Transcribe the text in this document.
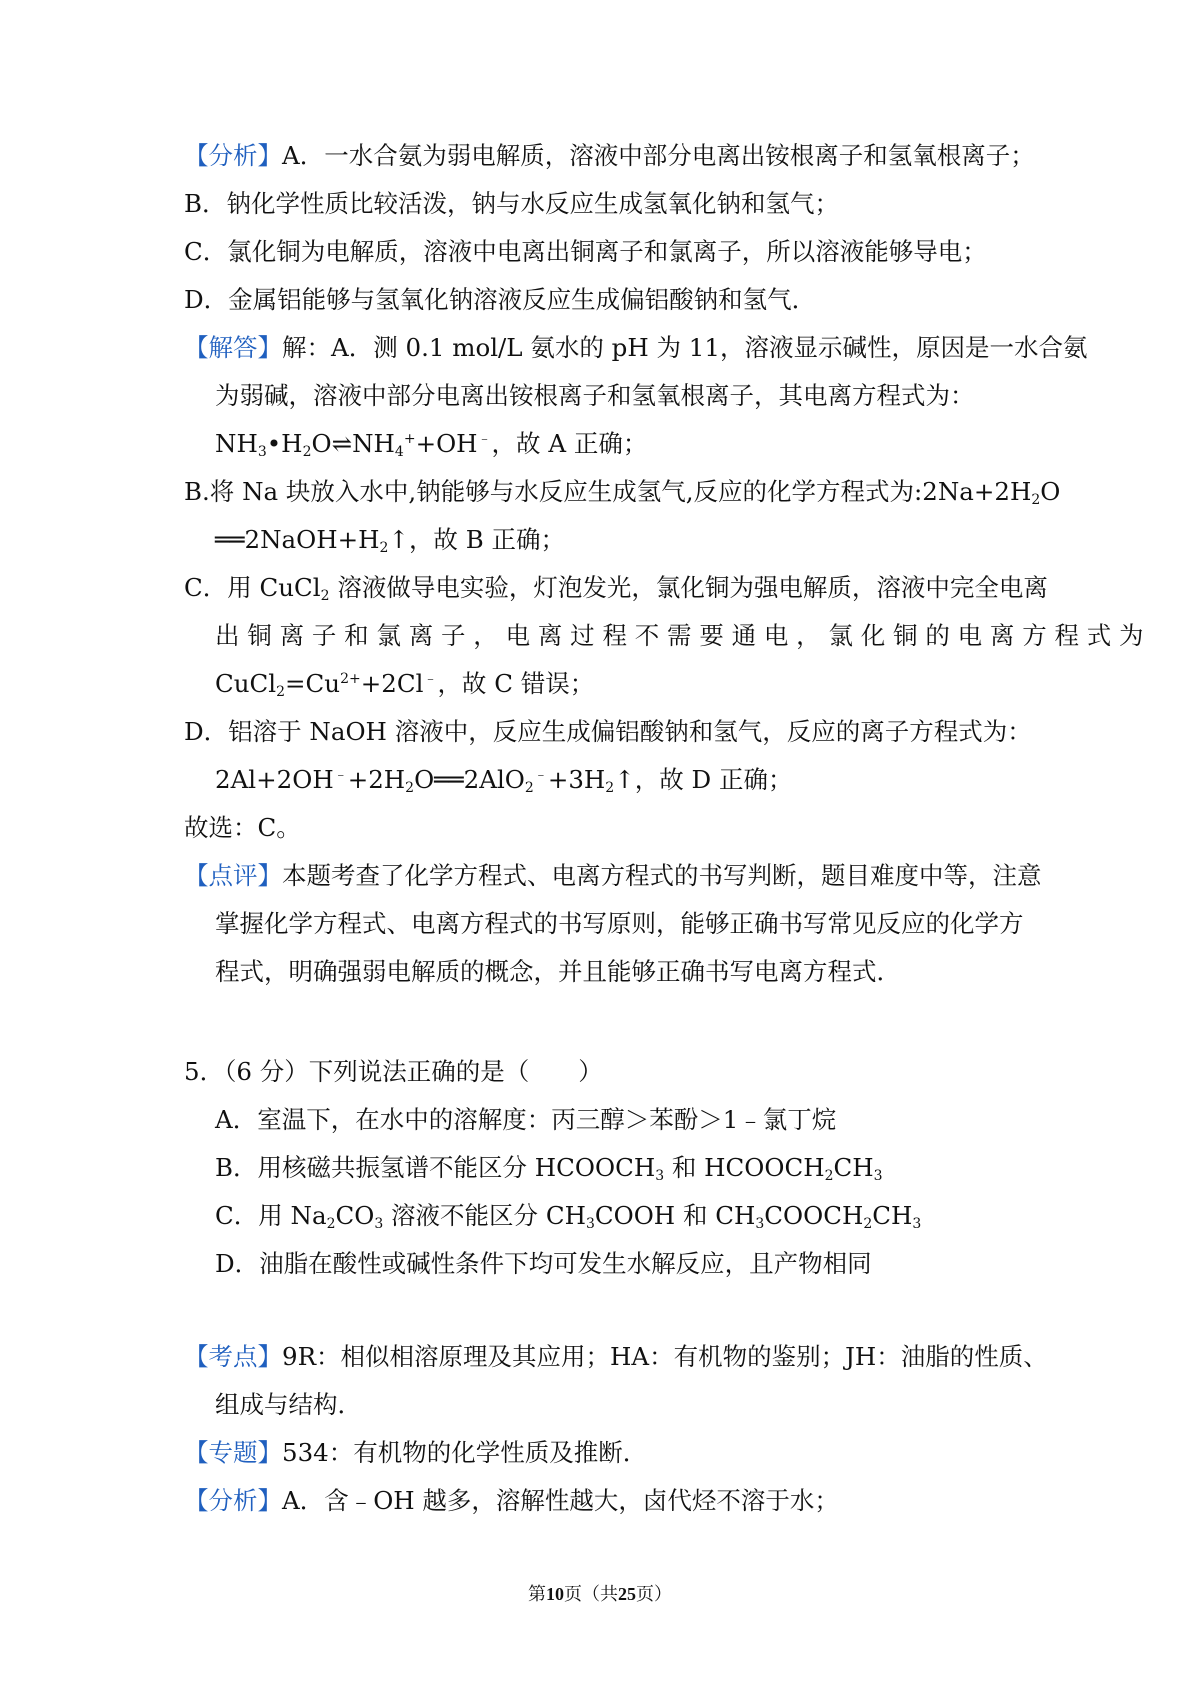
【分析】A．一水合氨为弱电解质，溶液中部分电离出铵根离子和氢氧根离子；
B．钠化学性质比较活泼，钠与水反应生成氢氧化钠和氢气；
C．氯化铜为电解质，溶液中电离出铜离子和氯离子，所以溶液能够导电；
D．金属铝能够与氢氧化钠溶液反应生成偏铝酸钠和氢气．
【解答】解：A．测 0.1 mol/L 氨水的 pH 为 11，溶液显示碱性，原因是一水合氨
为弱碱，溶液中部分电离出铵根离子和氢氧根离子，其电离方程式为：
$NH_3•H_2O\rightleftharpoons NH_4^++OH^﹣$，故 A 正确；
B.将 Na 块放入水中,钠能够与水反应生成氢气,反应的化学方程式为$:2Na+2H_2O$
$══2NaOH+H_2↑$，故 B 正确；
C．用 CuCl$_2$ 溶液做导电实验，灯泡发光，氯化铜为强电解质，溶液中完全电离
出 铜 离 子 和 氯 离 子 ， 电 离 过 程 不 需 要 通 电 ， 氯 化 铜 的 电 离 方 程 式 为
$CuCl_2=Cu^{2+}+2Cl^﹣$，故 C 错误；
D．铝溶于 NaOH 溶液中，反应生成偏铝酸钠和氢气，反应的离子方程式为：
$2Al+2OH^﹣+2H_2O══2AlO_2^﹣+3H_2↑$，故 D 正确；
故选：C。
【点评】本题考查了化学方程式、电离方程式的书写判断，题目难度中等，注意
掌握化学方程式、电离方程式的书写原则，能够正确书写常见反应的化学方
程式，明确强弱电解质的概念，并且能够正确书写电离方程式．
5．（6 分）下列说法正确的是（　　）
A．室温下，在水中的溶解度：丙三醇＞苯酚＞1﹣氯丁烷
B．用核磁共振氢谱不能区分 $HCOOCH_3$ 和 $HCOOCH_2CH_3$
C．用 $Na_2CO_3$ 溶液不能区分 $CH_3COOH$ 和 $CH_3COOCH_2CH_3$
D．油脂在酸性或碱性条件下均可发生水解反应，且产物相同
【考点】9R：相似相溶原理及其应用；HA：有机物的鉴别；JH：油脂的性质、
组成与结构．
【专题】534：有机物的化学性质及推断．
【分析】A．含﹣OH 越多，溶解性越大，卤代烃不溶于水；
第10页（共25页）
